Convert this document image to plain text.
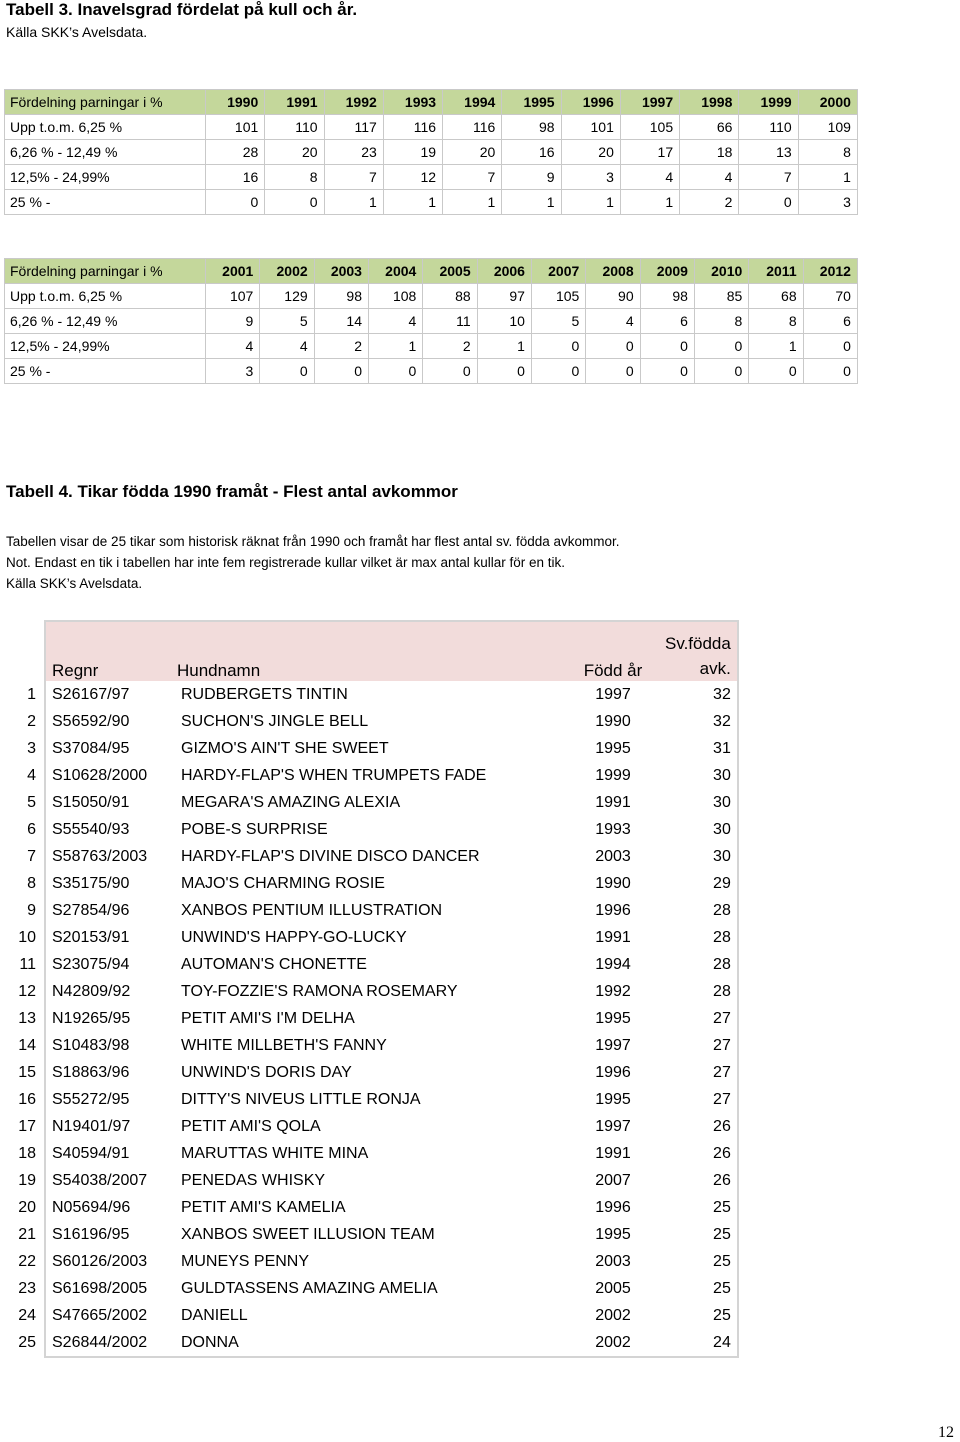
Tabell 3. Inavelsgrad fördelat på kull och år.
Källa SKK’s Avelsdata.
Fördelning parningar i %	1990	1991	1992	1993	1994	1995	1996	1997	1998	1999	2000
Upp t.o.m. 6,25 %	101	110	117	116	116	98	101	105	66	110	109
6,26 % - 12,49 %	28	20	23	19	20	16	20	17	18	13	8
12,5% - 24,99%	16	8	7	12	7	9	3	4	4	7	1
25 % -	0	0	1	1	1	1	1	1	2	0	3
Fördelning parningar i %	2001	2002	2003	2004	2005	2006	2007	2008	2009	2010	2011	2012
Upp t.o.m. 6,25 %	107	129	98	108	88	97	105	90	98	85	68	70
6,26 % - 12,49 %	9	5	14	4	11	10	5	4	6	8	8	6
12,5% - 24,99%	4	4	2	1	2	1	0	0	0	0	1	0
25 % -	3	0	0	0	0	0	0	0	0	0	0	0
Tabell 4. Tikar födda 1990 framåt - Flest antal avkommor
Tabellen visar de 25 tikar som historisk räknat från 1990 och framåt har flest antal sv. födda avkommor.
Not. Endast en tik i tabellen har inte fem registrerade kullar vilket är max antal kullar för en tik.
Källa SKK’s Avelsdata.
	Regnr	Hundnamn	Född år	Sv.födda
avk.
1	S26167/97	RUDBERGETS TINTIN	1997	32
2	S56592/90	SUCHON'S JINGLE BELL	1990	32
3	S37084/95	GIZMO'S AIN'T SHE SWEET	1995	31
4	S10628/2000	HARDY-FLAP'S WHEN TRUMPETS FADE	1999	30
5	S15050/91	MEGARA'S AMAZING ALEXIA	1991	30
6	S55540/93	POBE-S SURPRISE	1993	30
7	S58763/2003	HARDY-FLAP'S DIVINE DISCO DANCER	2003	30
8	S35175/90	MAJO'S CHARMING ROSIE	1990	29
9	S27854/96	XANBOS PENTIUM ILLUSTRATION	1996	28
10	S20153/91	UNWIND'S HAPPY-GO-LUCKY	1991	28
11	S23075/94	AUTOMAN'S CHONETTE	1994	28
12	N42809/92	TOY-FOZZIE'S RAMONA ROSEMARY	1992	28
13	N19265/95	PETIT AMI'S I'M DELHA	1995	27
14	S10483/98	WHITE MILLBETH'S FANNY	1997	27
15	S18863/96	UNWIND'S DORIS DAY	1996	27
16	S55272/95	DITTY'S NIVEUS LITTLE RONJA	1995	27
17	N19401/97	PETIT AMI'S QOLA	1997	26
18	S40594/91	MARUTTAS WHITE MINA	1991	26
19	S54038/2007	PENEDAS WHISKY	2007	26
20	N05694/96	PETIT AMI'S KAMELIA	1996	25
21	S16196/95	XANBOS SWEET ILLUSION TEAM	1995	25
22	S60126/2003	MUNEYS PENNY	2003	25
23	S61698/2005	GULDTASSENS AMAZING AMELIA	2005	25
24	S47665/2002	DANIELL	2002	25
25	S26844/2002	DONNA	2002	24
12
